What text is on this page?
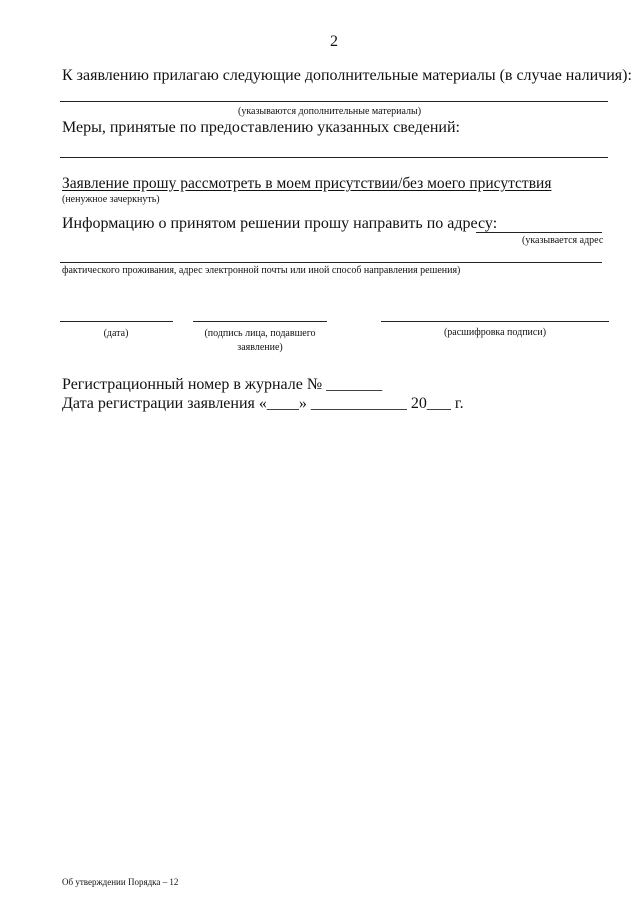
2
К заявлению прилагаю следующие дополнительные материалы (в случае наличия):
(указываются дополнительные материалы)
Меры, принятые по предоставлению указанных сведений:
Заявление прошу рассмотреть в моем присутствии/без моего присутствия
(ненужное зачеркнуть)
Информацию о принятом решении прошу направить по адресу:
(указывается адрес
фактического проживания, адрес электронной почты или иной способ направления решения)
(дата)	(подпись лица, подавшего заявление)
(расшифровка подписи)
Регистрационный номер в журнале № _______
Дата регистрации заявления «____» ____________ 20___ г.
Об утверждении Порядка – 12
